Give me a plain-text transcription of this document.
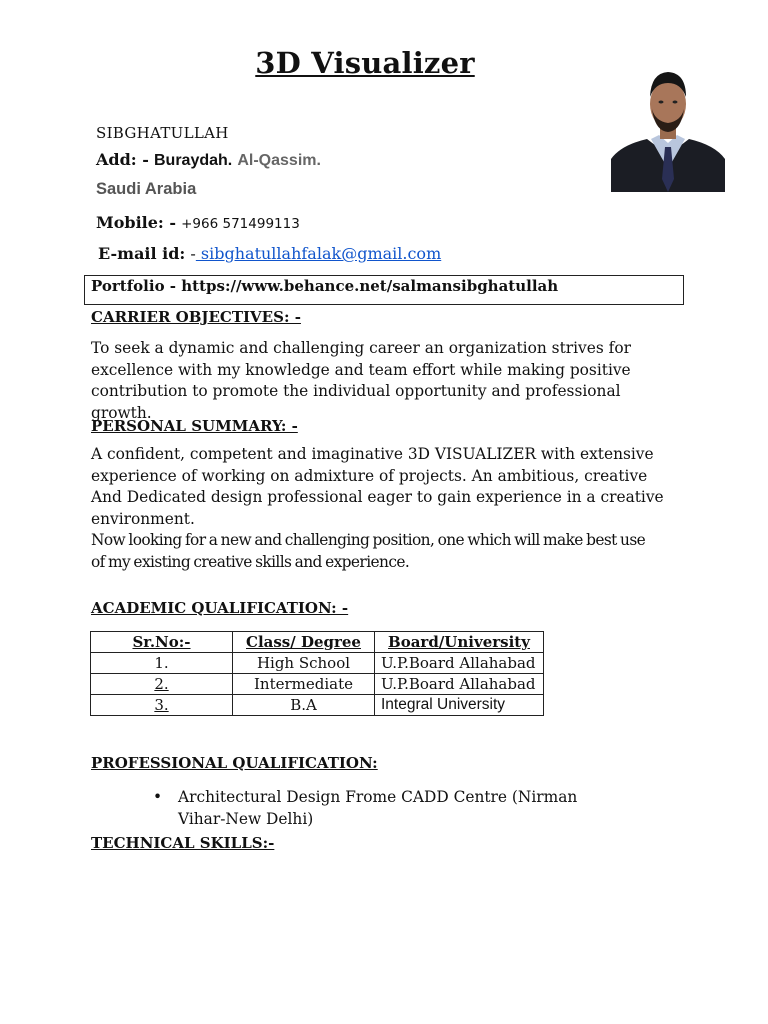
3D Visualizer
SIBGHATULLAH
Add: - Buraydah. Al-Qassim.
Saudi Arabia
Mobile: - +966 571499113
E-mail id: - sibghatullahfalak@gmail.com
Portfolio - https://www.behance.net/salmansibghatullah
CARRIER OBJECTIVES: -

To seek a dynamic and challenging career an organization strives for excellence with my knowledge and team effort while making positive contribution to promote the individual opportunity and professional growth.

PERSONAL SUMMARY: -

A confident, competent and imaginative 3D VISUALIZER with extensive experience of working on admixture of projects. An ambitious, creative And Dedicated design professional eager to gain experience in a creative environment.

Now looking for a new and challenging position, one which will make best use of my existing creative skills and experience.

ACADEMIC QUALIFICATION: -
Sr.No:-	Class/ Degree	Board/University
1.	High School	U.P.Board Allahabad
2.	Intermediate	U.P.Board Allahabad
3.	B.A	Integral University
PROFESSIONAL QUALIFICATION:
• Architectural Design Frome CADD Centre (Nirman Vihar-New Delhi)
TECHNICAL SKILLS:-
